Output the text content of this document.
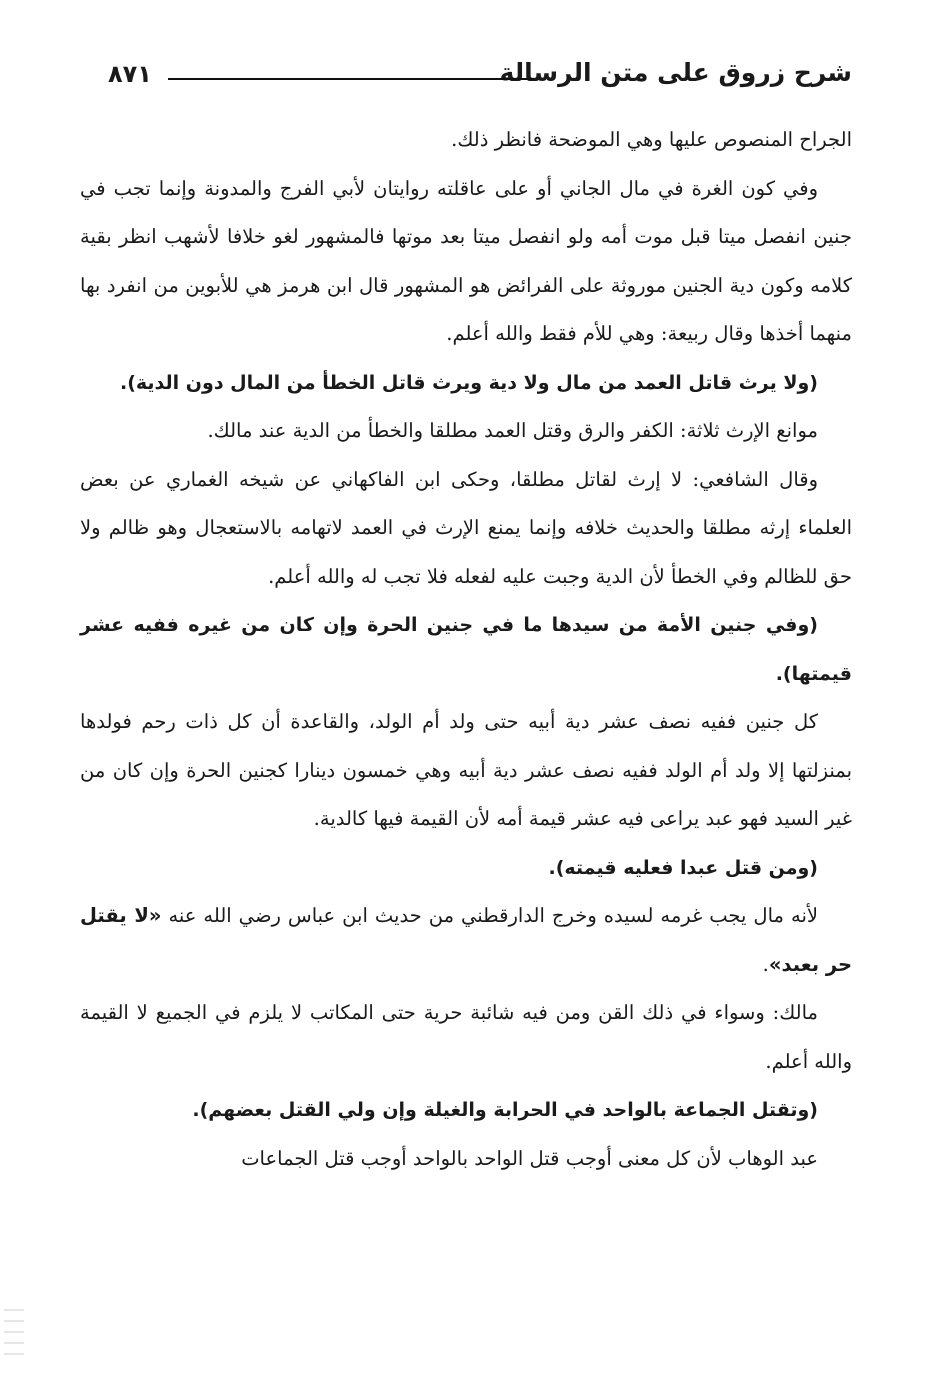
شرح زروق على متن الرسالة
٨٧١

الجراح المنصوص عليها وهي الموضحة فانظر ذلك.

وفي كون الغرة في مال الجاني أو على عاقلته روايتان لأبي الفرج والمدونة وإنما تجب في جنين انفصل ميتا قبل موت أمه ولو انفصل ميتا بعد موتها فالمشهور لغو خلافا لأشهب انظر بقية كلامه وكون دية الجنين موروثة على الفرائض هو المشهور قال ابن هرمز هي للأبوين من انفرد بها منهما أخذها وقال ربيعة: وهي للأم فقط والله أعلم.

(ولا يرث قاتل العمد من مال ولا دية ويرث قاتل الخطأ من المال دون الدية).

موانع الإرث ثلاثة: الكفر والرق وقتل العمد مطلقا والخطأ من الدية عند مالك.

وقال الشافعي: لا إرث لقاتل مطلقا، وحكى ابن الفاكهاني عن شيخه الغماري عن بعض العلماء إرثه مطلقا والحديث خلافه وإنما يمنع الإرث في العمد لاتهامه بالاستعجال وهو ظالم ولا حق للظالم وفي الخطأ لأن الدية وجبت عليه لفعله فلا تجب له والله أعلم.

(وفي جنين الأمة من سيدها ما في جنين الحرة وإن كان من غيره ففيه عشر قيمتها).

كل جنين ففيه نصف عشر دية أبيه حتى ولد أم الولد، والقاعدة أن كل ذات رحم فولدها بمنزلتها إلا ولد أم الولد ففيه نصف عشر دية أبيه وهي خمسون دينارا كجنين الحرة وإن كان من غير السيد فهو عبد يراعى فيه عشر قيمة أمه لأن القيمة فيها كالدية.

(ومن قتل عبدا فعليه قيمته).

لأنه مال يجب غرمه لسيده وخرج الدارقطني من حديث ابن عباس رضي الله عنه «لا يقتل حر بعبد».

مالك: وسواء في ذلك القن ومن فيه شائبة حرية حتى المكاتب لا يلزم في الجميع لا القيمة والله أعلم.

(وتقتل الجماعة بالواحد في الحرابة والغيلة وإن ولي القتل بعضهم).

عبد الوهاب لأن كل معنى أوجب قتل الواحد بالواحد أوجب قتل الجماعات
